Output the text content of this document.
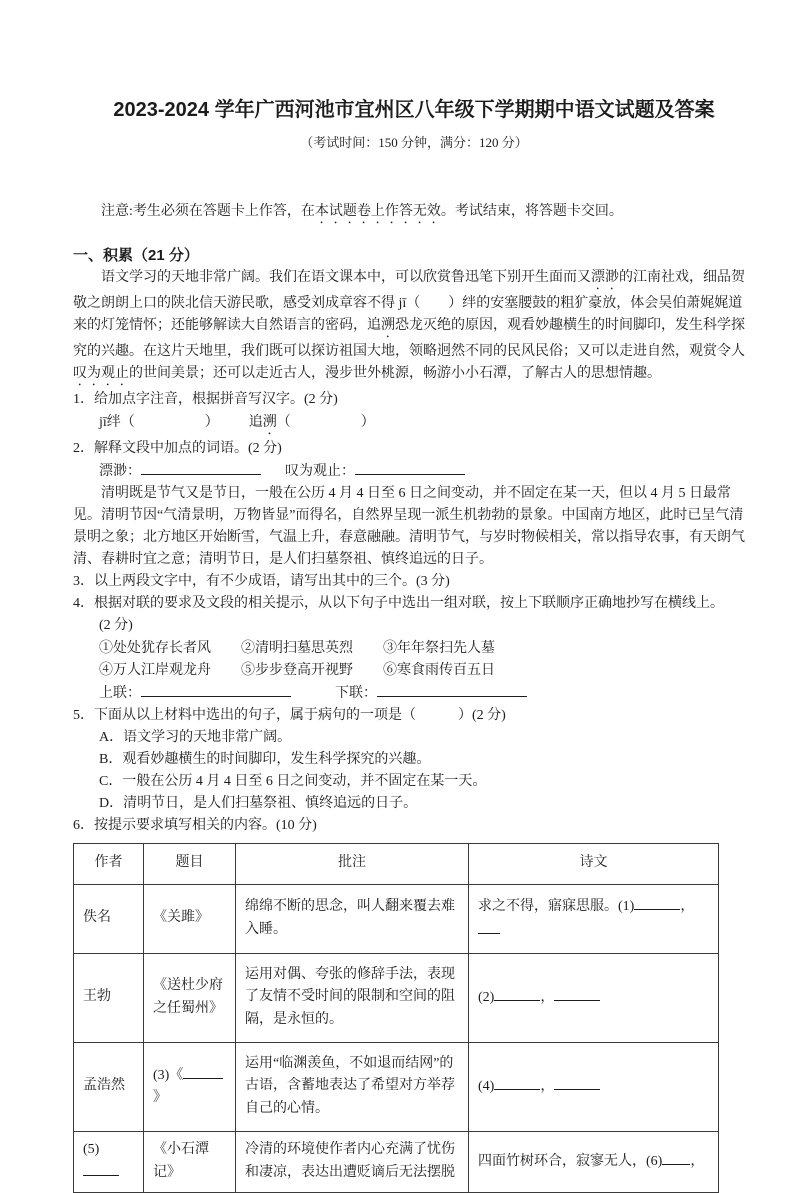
2023-2024 学年广西河池市宜州区八年级下学期期中语文试题及答案
（考试时间：150 分钟，满分：120 分）

注意:考生必须在答题卡上作答，在本试题卷上作答无效。考试结束，将答题卡交回。

一、积累（21 分）

语文学习的天地非常广阔。我们在语文课本中，可以欣赏鲁迅笔下别开生面而又漂渺的江南社戏，细品贺敬之朗朗上口的陕北信天游民歌，感受刘成章容不得 jī（　　）绊的安塞腰鼓的粗犷豪放，体会吴伯萧娓娓道来的灯笼情怀；还能够解读大自然语言的密码，追溯恐龙灭绝的原因，观看妙趣横生的时间脚印，发生科学探究的兴趣。在这片天地里，我们既可以探访祖国大地，领略迥然不同的民风民俗；又可以走进自然，观赏令人叹为观止的世间美景；还可以走近古人，漫步世外桃源，畅游小小石潭，了解古人的思想情趣。

1．给加点字注音，根据拼音写汉字。(2 分)
jī绊（　　　　　） 追溯（　　　　　）
2．解释文段中加点的词语。(2 分)
漂渺：	叹为观止：

清明既是节气又是节日，一般在公历 4 月 4 日至 6 日之间变动，并不固定在某一天，但以 4 月 5 日最常见。清明节因“气清景明，万物皆显”而得名，自然界呈现一派生机勃勃的景象。中国南方地区，此时已呈气清景明之象；北方地区开始断雪，气温上升，春意融融。清明节气，与岁时物候相关，常以指导农事，有天朗气清、春耕时宜之意；清明节日，是人们扫墓祭祖、慎终追远的日子。

3．以上两段文字中，有不少成语，请写出其中的三个。(3 分)
4．根据对联的要求及文段的相关提示，从以下句子中选出一组对联，按上下联顺序正确地抄写在横线上。
(2 分)
①处处犹存长者风 ②清明扫墓思英烈 ③年年祭扫先人墓
④万人江岸观龙舟 ⑤步步登高开视野 ⑥寒食雨传百五日
上联：	下联：
5．下面从以上材料中选出的句子，属于病句的一项是（　　　）(2 分)
A．语文学习的天地非常广阔。
B．观看妙趣横生的时间脚印，发生科学探究的兴趣。
C．一般在公历 4 月 4 日至 6 日之间变动，并不固定在某一天。
D．清明节日，是人们扫墓祭祖、慎终追远的日子。
6．按提示要求填写相关的内容。(10 分)
作者	题目	批注	诗文
佚名	《关雎》	绵绵不断的思念，叫人翻来覆去难入睡。	求之不得，寤寐思服。(1) ，
王勃	《送杜少府之任蜀州》	运用对偶、夸张的修辞手法，表现了友情不受时间的限制和空间的阻隔，是永恒的。	(2) ，
孟浩然	(3)《》	运用“临渊羡鱼，不如退而结网”的古语，含蓄地表达了希望对方举荐自己的心情。	(4) ，
(5)	《小石潭记》	冷清的环境使作者内心充满了忧伤和凄凉，表达出遭贬谪后无法摆脱	四面竹树环合，寂寥无人，(6) ，
